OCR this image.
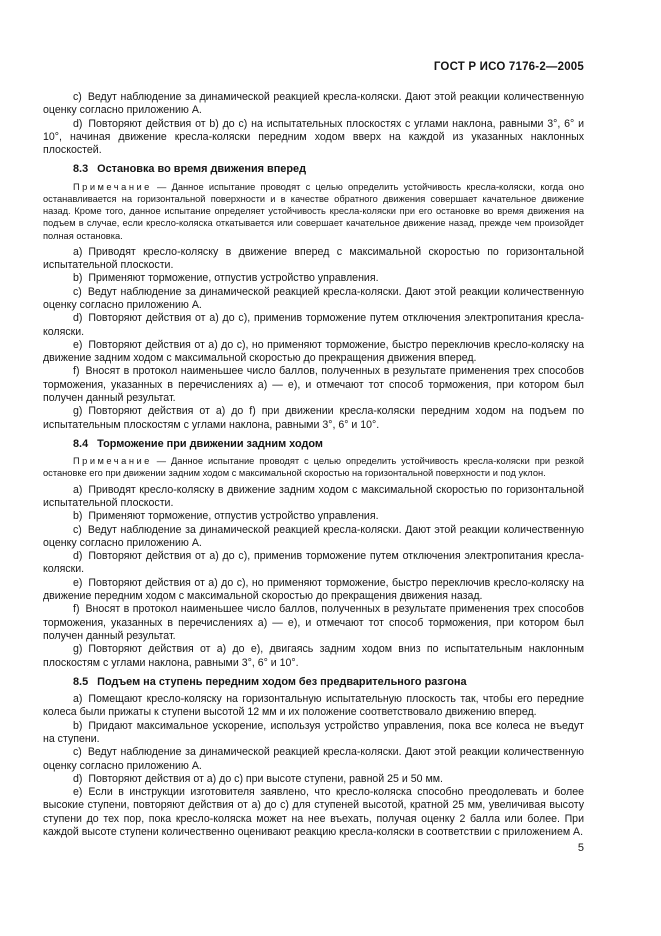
ГОСТ Р ИСО 7176-2—2005

c) Ведут наблюдение за динамической реакцией кресла-коляски. Дают этой реакции количественную оценку согласно приложению А.

d) Повторяют действия от b) до c) на испытательных плоскостях с углами наклона, равными 3°, 6° и 10°, начиная движение кресла-коляски передним ходом вверх на каждой из указанных наклонных плоскостей.

8.3 Остановка во время движения вперед

Примечание — Данное испытание проводят с целью определить устойчивость кресла-коляски, когда оно останавливается на горизонтальной поверхности и в качестве обратного движения совершает качательное движение назад. Кроме того, данное испытание определяет устойчивость кресла-коляски при его остановке во время движения на подъем в случае, если кресло-коляска откатывается или совершает качательное движение назад, прежде чем произойдет полная остановка.

a) Приводят кресло-коляску в движение вперед с максимальной скоростью по горизонтальной испытательной плоскости.

b) Применяют торможение, отпустив устройство управления.

c) Ведут наблюдение за динамической реакцией кресла-коляски. Дают этой реакции количественную оценку согласно приложению А.

d) Повторяют действия от a) до c), применив торможение путем отключения электропитания кресла-коляски.

e) Повторяют действия от a) до c), но применяют торможение, быстро переключив кресло-коляску на движение задним ходом с максимальной скоростью до прекращения движения вперед.

f) Вносят в протокол наименьшее число баллов, полученных в результате применения трех способов торможения, указанных в перечислениях a) — e), и отмечают тот способ торможения, при котором был получен данный результат.

g) Повторяют действия от a) до f) при движении кресла-коляски передним ходом на подъем по испытательным плоскостям с углами наклона, равными 3°, 6° и 10°.

8.4 Торможение при движении задним ходом

Примечание — Данное испытание проводят с целью определить устойчивость кресла-коляски при резкой остановке его при движении задним ходом с максимальной скоростью на горизонтальной поверхности и под уклон.

a) Приводят кресло-коляску в движение задним ходом с максимальной скоростью по горизонтальной испытательной плоскости.

b) Применяют торможение, отпустив устройство управления.

c) Ведут наблюдение за динамической реакцией кресла-коляски. Дают этой реакции количественную оценку согласно приложению А.

d) Повторяют действия от a) до c), применив торможение путем отключения электропитания кресла-коляски.

e) Повторяют действия от a) до c), но применяют торможение, быстро переключив кресло-коляску на движение передним ходом с максимальной скоростью до прекращения движения назад.

f) Вносят в протокол наименьшее число баллов, полученных в результате применения трех способов торможения, указанных в перечислениях a) — e), и отмечают тот способ торможения, при котором был получен данный результат.

g) Повторяют действия от a) до e), двигаясь задним ходом вниз по испытательным наклонным плоскостям с углами наклона, равными 3°, 6° и 10°.

8.5 Подъем на ступень передним ходом без предварительного разгона

a) Помещают кресло-коляску на горизонтальную испытательную плоскость так, чтобы его передние колеса были прижаты к ступени высотой 12 мм и их положение соответствовало движению вперед.

b) Придают максимальное ускорение, используя устройство управления, пока все колеса не въедут на ступени.

c) Ведут наблюдение за динамической реакцией кресла-коляски. Дают этой реакции количественную оценку согласно приложению А.

d) Повторяют действия от a) до c) при высоте ступени, равной 25 и 50 мм.

e) Если в инструкции изготовителя заявлено, что кресло-коляска способно преодолевать и более высокие ступени, повторяют действия от a) до c) для ступеней высотой, кратной 25 мм, увеличивая высоту ступени до тех пор, пока кресло-коляска может на нее въехать, получая оценку 2 балла или более. При каждой высоте ступени количественно оценивают реакцию кресла-коляски в соответствии с приложением А.

5
